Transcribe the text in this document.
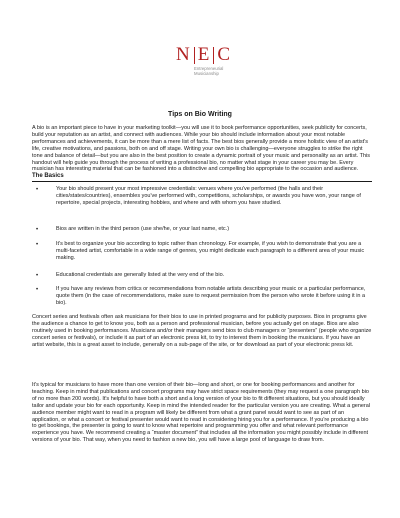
N E C
Entrepreneurial
Musicianship
Tips on Bio Writing

A bio is an important piece to have in your marketing toolkit—you will use it to book performance opportunities, seek publicity for concerts, build your reputation as an artist, and connect with audiences. While your bio should include information about your most notable performances and achievements, it can be more than a mere list of facts. The best bios generally provide a more holistic view of an artist's life, creative motivations, and passions, both on and off stage. Writing your own bio is challenging—everyone struggles to strike the right tone and balance of detail—but you are also in the best position to create a dynamic portrait of your music and personality as an artist. This handout will help guide you through the process of writing a professional bio, no matter what stage in your career you may be. Every musician has interesting material that can be fashioned into a distinctive and compelling bio appropriate to the occasion and audience.

The Basics
•	Your bio should present your most impressive credentials: venues where you've performed (the halls and their cities/states/countries), ensembles you've performed with, competitions, scholarships, or awards you have won, your range of repertoire, special projects, interesting hobbies, and where and with whom you have studied.
•	Bios are written in the third person (use she/he, or your last name, etc.)
•	It's best to organize your bio according to topic rather than chronology. For example, if you wish to demonstrate that you are a multi-faceted artist, comfortable in a wide range of genres, you might dedicate each paragraph to a different area of your music making.
•	Educational credentials are generally listed at the very end of the bio.
•	If you have any reviews from critics or recommendations from notable artists describing your music or a particular performance, quote them (in the case of recommendations, make sure to request permission from the person who wrote it before using it in a bio).

Concert series and festivals often ask musicians for their bios to use in printed programs and for publicity purposes. Bios in programs give the audience a chance to get to know you, both as a person and professional musician, before you actually get on stage. Bios are also routinely used in booking performances. Musicians and/or their managers send bios to club managers or “presenters” (people who organize concert series or festivals), or include it as part of an electronic press kit, to try to interest them in booking the musicians. If you have an artist website, this is a great asset to include, generally on a sub-page of the site, or for download as part of your electronic press kit.

It's typical for musicians to have more than one version of their bio—long and short, or one for booking performances and another for teaching. Keep in mind that publications and concert programs may have strict space requirements (they may request a one paragraph bio of no more than 200 words). It's helpful to have both a short and a long version of your bio to fit different situations, but you should ideally tailor and update your bio for each opportunity. Keep in mind the intended reader for the particular version you are creating. What a general audience member might want to read in a program will likely be different from what a grant panel would want to see as part of an application, or what a concert or festival presenter would want to read in considering hiring you for a performance. If you're producing a bio to get bookings, the presenter is going to want to know what repertoire and programming you offer and what relevant performance experience you have. We recommend creating a “master document” that includes all the information you might possibly include in different versions of your bio. That way, when you need to fashion a new bio, you will have a large pool of language to draw from.
